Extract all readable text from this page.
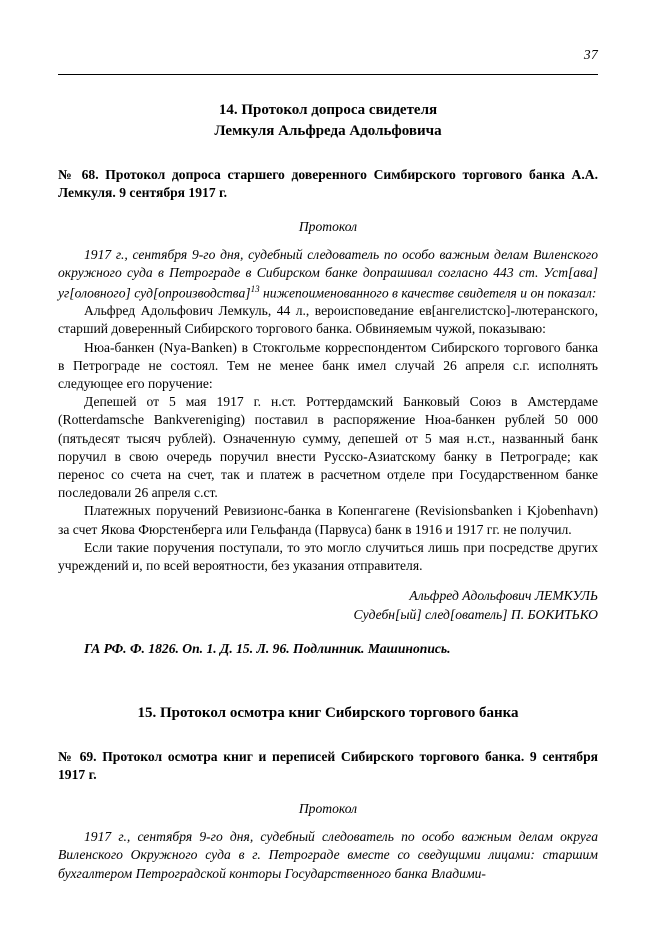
37
14. Протокол допроса свидетеля
Лемкуля Альфреда Адольфовича
№ 68. Протокол допроса старшего доверенного Симбирского торгового банка А.А. Лемкуля. 9 сентября 1917 г.
Протокол

1917 г., сентября 9-го дня, судебный следователь по особо важным делам Виленского окружного суда в Петрограде в Сибирском банке допрашивал согласно 443 ст. Уст[ава] уг[оловного] суд[опроизводства]$^{13}$ нижепоименованного в качестве свидетеля и он показал:

Альфред Адольфович Лемкуль, 44 л., вероисповедание ев[ангелистско]-лютеранского, старший доверенный Сибирского торгового банка. Обвиняемым чужой, показываю:

Нюа-банкен (Nya-Banken) в Стокгольме корреспондентом Сибирского торгового банка в Петрограде не состоял. Тем не менее банк имел случай 26 апреля с.г. исполнять следующее его поручение:

Депешей от 5 мая 1917 г. н.ст. Роттердамский Банковый Союз в Амстердаме (Rotterdamsche Bankvereniging) поставил в распоряжение Нюа-банкен рублей 50 000 (пятьдесят тысяч рублей). Означенную сумму, депешей от 5 мая н.ст., названный банк поручил в свою очередь поручил внести Русско-Азиатскому банку в Петрограде; как перенос со счета на счет, так и платеж в расчетном отделе при Государственном банке последовали 26 апреля с.ст.

Платежных поручений Ревизионс-банка в Копенгагене (Revisionsbanken i Kjobenhavn) за счет Якова Фюрстенберга или Гельфанда (Парвуса) банк в 1916 и 1917 гг. не получил.

Если такие поручения поступали, то это могло случиться лишь при посредстве других учреждений и, по всей вероятности, без указания отправителя.

Альфред Адольфович ЛЕМКУЛЬ
Судебн[ый] след[ователь] П. БОКИТЬКО
ГА РФ. Ф. 1826. Оп. 1. Д. 15. Л. 96. Подлинник. Машинопись.
15. Протокол осмотра книг Сибирского торгового банка
№ 69. Протокол осмотра книг и переписей Сибирского торгового банка. 9 сентября 1917 г.
Протокол

1917 г., сентября 9-го дня, судебный следователь по особо важным делам округа Виленского Окружного суда в г. Петрограде вместе со сведущими лицами: старшим бухгалтером Петроградской конторы Государственного банка Владими-
